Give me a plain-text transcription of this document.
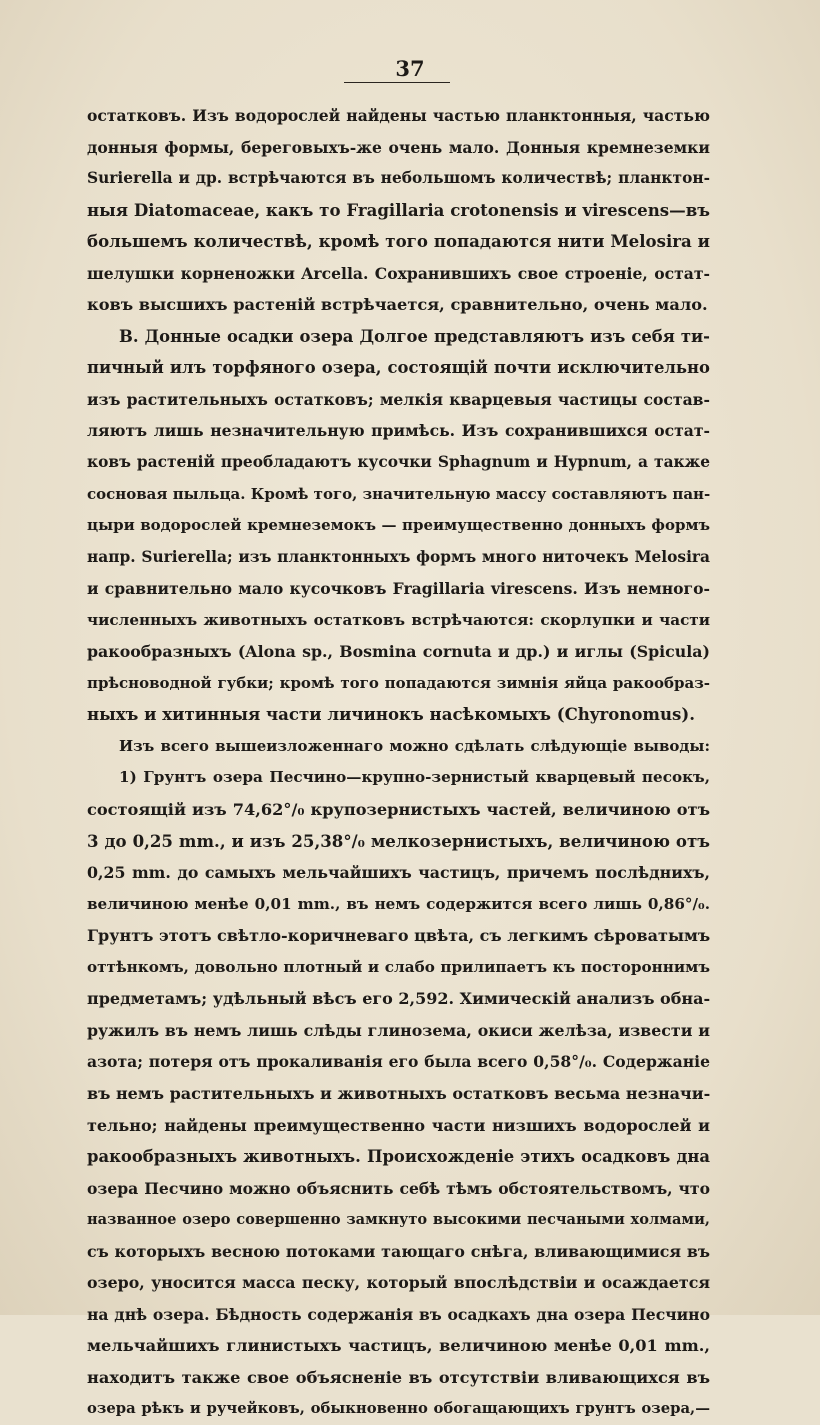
37
остатковъ. Изъ водорослей найдены частью планктонныя, частью
донныя формы, береговыхъ-же очень мало. Донныя кремнеземки
Surierella и др. встрѣчаются въ небольшомъ количествѣ; планктон-
ныя Diatomaceae, какъ то Fragillaria crotonensis и virescens—въ
большемъ количествѣ, кромѣ того попадаются нити Melosira и
шелушки корненожки Arcella. Сохранившихъ свое строеніе, остат-
ковъ высшихъ растеній встрѣчается, сравнительно, очень мало.
В. Донные осадки озера Долгое представляютъ изъ себя ти-
пичный илъ торфяного озера, состоящій почти исключительно
изъ растительныхъ остатковъ; мелкія кварцевыя частицы состав-
ляютъ лишь незначительную примѣсь. Изъ сохранившихся остат-
ковъ растеній преобладаютъ кусочки Sphagnum и Hypnum, а также
сосновая пыльца. Кромѣ того, значительную массу составляютъ пан-
цыри водорослей кремнеземокъ — преимущественно донныхъ формъ
напр. Surierella; изъ планктонныхъ формъ много ниточекъ Melosira
и сравнительно мало кусочковъ Fragillaria virescens. Изъ немного-
численныхъ животныхъ остатковъ встрѣчаются: скорлупки и части
ракообразныхъ (Alona sp., Bosmina cornuta и др.) и иглы (Spicula)
прѣсноводной губки; кромѣ того попадаются зимнія яйца ракообраз-
ныхъ и хитинныя части личинокъ насѣкомыхъ (Chyronomus).
Изъ всего вышеизложеннаго можно сдѣлать слѣдующіе выводы:
1) Грунтъ озера Песчино—крупно-зернистый кварцевый песокъ,
состоящій изъ 74,62°/₀ крупозернистыхъ частей, величиною отъ
3 до 0,25 mm., и изъ 25,38°/₀ мелкозернистыхъ, величиною отъ
0,25 mm. до самыхъ мельчайшихъ частицъ, причемъ послѣднихъ,
величиною менѣе 0,01 mm., въ немъ содержится всего лишь 0,86°/₀.
Грунтъ этотъ свѣтло-коричневаго цвѣта, съ легкимъ сѣроватымъ
оттѣнкомъ, довольно плотный и слабо прилипаетъ къ постороннимъ
предметамъ; удѣльный вѣсъ его 2,592. Химическій анализъ обна-
ружилъ въ немъ лишь слѣды глинозема, окиси желѣза, извести и
азота; потеря отъ прокаливанія его была всего 0,58°/₀. Содержаніе
въ немъ растительныхъ и животныхъ остатковъ весьма незначи-
тельно; найдены преимущественно части низшихъ водорослей и
ракообразныхъ животныхъ. Происхожденіе этихъ осадковъ дна
озера Песчино можно объяснить себѣ тѣмъ обстоятельствомъ, что
названное озеро совершенно замкнуто высокими песчаными холмами,
съ которыхъ весною потоками тающаго снѣга, вливающимися въ
озеро, уносится масса песку, который впослѣдствіи и осаждается
на днѣ озера. Бѣдность содержанія въ осадкахъ дна озера Песчино
мельчайшихъ глинистыхъ частицъ, величиною менѣе 0,01 mm.,
находитъ также свое объясненіе въ отсутствіи вливающихся въ
озера рѣкъ и ручейковъ, обыкновенно обогащающихъ грунтъ озера,—
